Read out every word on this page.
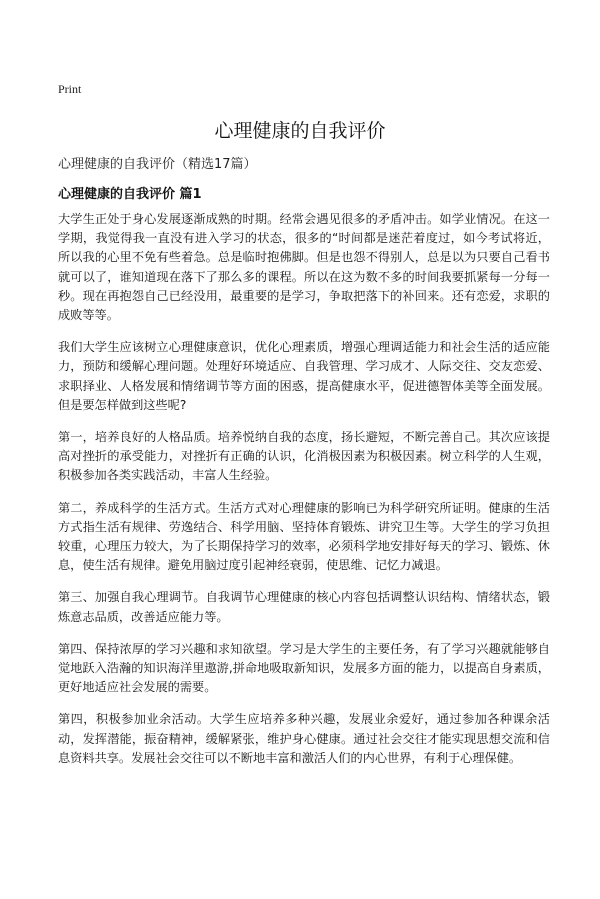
Print
心理健康的自我评价
心理健康的自我评价（精选17篇）
心理健康的自我评价 篇1

大学生正处于身心发展逐渐成熟的时期。经常会遇见很多的矛盾冲击。如学业情况。在这一学期，我觉得我一直没有进入学习的状态，很多的“时间都是迷茫着度过，如今考试将近，所以我的心里不免有些着急。总是临时抱佛脚。但是也怨不得别人，总是以为只要自己看书就可以了，谁知道现在落下了那么多的课程。所以在这为数不多的时间我要抓紧每一分每一秒。现在再抱怨自己已经没用，最重要的是学习，争取把落下的补回来。还有恋爱，求职的成败等等。

我们大学生应该树立心理健康意识，优化心理素质，增强心理调适能力和社会生活的适应能力，预防和缓解心理问题。处理好环境适应、自我管理、学习成才、人际交往、交友恋爱、求职择业、人格发展和情绪调节等方面的困惑，提高健康水平，促进德智体美等全面发展。但是要怎样做到这些呢?

第一，培养良好的人格品质。培养悦纳自我的态度，扬长避短，不断完善自己。其次应该提高对挫折的承受能力，对挫折有正确的认识，化消极因素为积极因素。树立科学的人生观，积极参加各类实践活动，丰富人生经验。

第二，养成科学的生活方式。生活方式对心理健康的影响已为科学研究所证明。健康的生活方式指生活有规律、劳逸结合、科学用脑、坚持体育锻炼、讲究卫生等。大学生的学习负担较重，心理压力较大，为了长期保持学习的效率，必须科学地安排好每天的学习、锻炼、休息，使生活有规律。避免用脑过度引起神经衰弱，使思维、记忆力减退。

第三、加强自我心理调节。自我调节心理健康的核心内容包括调整认识结构、情绪状态，锻炼意志品质，改善适应能力等。

第四、保持浓厚的学习兴趣和求知欲望。学习是大学生的主要任务，有了学习兴趣就能够自觉地跃入浩瀚的知识海洋里遨游,拼命地吸取新知识，发展多方面的能力，以提高自身素质，更好地适应社会发展的需要。

第四，积极参加业余活动。大学生应培养多种兴趣，发展业余爱好，通过参加各种课余活动，发挥潜能，振奋精神，缓解紧张，维护身心健康。通过社会交往才能实现思想交流和信息资料共享。发展社会交往可以不断地丰富和激活人们的内心世界，有利于心理保健。
